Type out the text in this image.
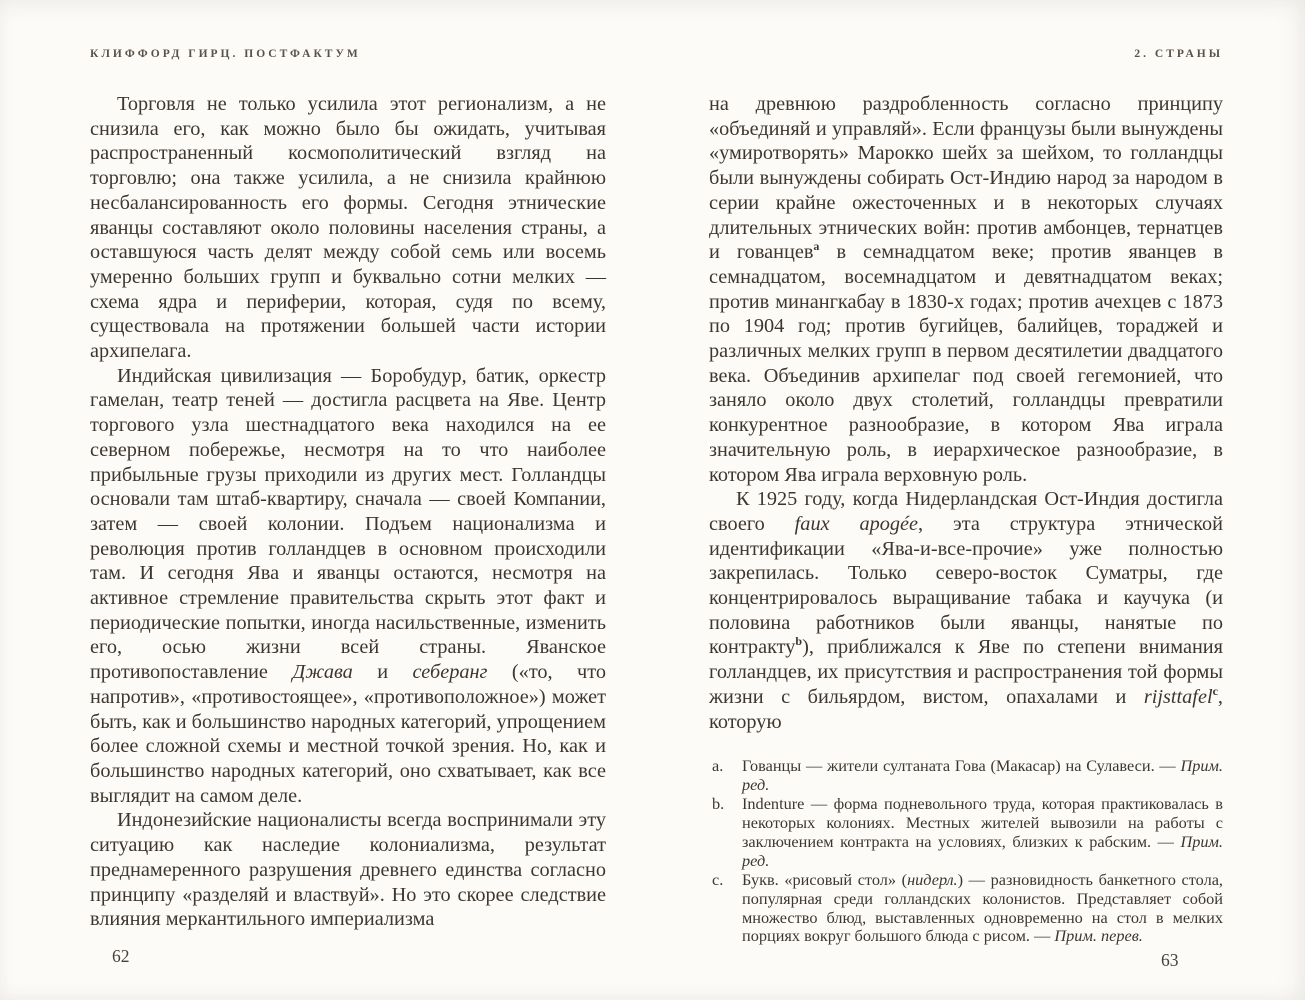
КЛИФФОРД ГИРЦ. ПОСТФАКТУМ

Торговля не только усилила этот регионализм, а не снизила его, как можно было бы ожидать, учитывая распространенный космополитический взгляд на торговлю; она также усилила, а не снизила крайнюю несбалансированность его формы. Сегодня этнические яванцы составляют около половины населения страны, а оставшуюся часть делят между собой семь или восемь умеренно больших групп и буквально сотни мелких — схема ядра и периферии, которая, судя по всему, существовала на протяжении большей части истории архипелага.

Индийская цивилизация — Боробудур, батик, оркестр гамелан, театр теней — достигла расцвета на Яве. Центр торгового узла шестнадцатого века находился на ее северном побережье, несмотря на то что наиболее прибыльные грузы приходили из других мест. Голландцы основали там штаб-квартиру, сначала — своей Компании, затем — своей колонии. Подъем национализма и революция против голландцев в основном происходили там. И сегодня Ява и яванцы остаются, несмотря на активное стремление правительства скрыть этот факт и периодические попытки, иногда насильственные, изменить его, осью жизни всей страны. Яванское противопоставление Джава и себеранг («то, что напротив», «противостоящее», «противоположное») может быть, как и большинство народных категорий, упрощением более сложной схемы и местной точкой зрения. Но, как и большинство народных категорий, оно схватывает, как все выглядит на самом деле.

Индонезийские националисты всегда воспринимали эту ситуацию как наследие колониализма, результат преднамеренного разрушения древнего единства согласно принципу «разделяй и властвуй». Но это скорее следствие влияния меркантильного империализма

62
2. СТРАНЫ

на древнюю раздробленность согласно принципу «объединяй и управляй». Если французы были вынуждены «умиротворять» Марокко шейх за шейхом, то голландцы были вынуждены собирать Ост-Индию народ за народом в серии крайне ожесточенных и в некоторых случаях длительных этнических войн: против амбонцев, тернатцев и гованцев$^a$ в семнадцатом веке; против яванцев в семнадцатом, восемнадцатом и девятнадцатом веках; против минангкабау в 1830-х годах; против ачехцев с 1873 по 1904 год; против бугийцев, балийцев, тораджей и различных мелких групп в первом десятилетии двадцатого века. Объединив архипелаг под своей гегемонией, что заняло около двух столетий, голландцы превратили конкурентное разнообразие, в котором Ява играла значительную роль, в иерархическое разнообразие, в котором Ява играла верховную роль.

К 1925 году, когда Нидерландская Ост-Индия достигла своего faux apogée, эта структура этнической идентификации «Ява-и-все-прочие» уже полностью закрепилась. Только северо-восток Суматры, где концентрировалось выращивание табака и каучука (и половина работников были яванцы, нанятые по контракту$^b$), приближался к Яве по степени внимания голландцев, их присутствия и распространения той формы жизни с бильярдом, вистом, опахалами и rijsttafel$^c$, которую

a. Гованцы — жители султаната Гова (Макасар) на Сулавеси. — Прим. ред.
b. Indenture — форма подневольного труда, которая практиковалась в некоторых колониях. Местных жителей вывозили на работы с заключением контракта на условиях, близких к рабским. — Прим. ред.
c. Букв. «рисовый стол» (нидерл.) — разновидность банкетного стола, популярная среди голландских колонистов. Представляет собой множество блюд, выставленных одновременно на стол в мелких порциях вокруг большого блюда с рисом. — Прим. перев.
63
